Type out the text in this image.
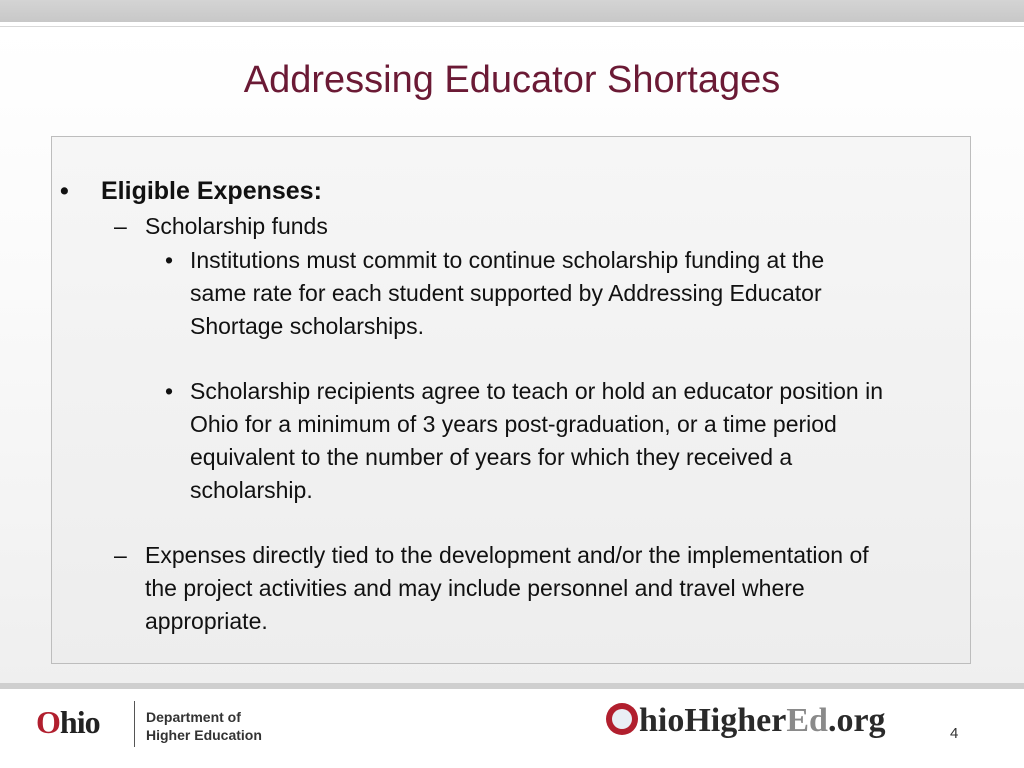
Addressing Educator Shortages
• Eligible Expenses:
– Scholarship funds
• Institutions must commit to continue scholarship funding at the
same rate for each student supported by Addressing Educator
Shortage scholarships.
• Scholarship recipients agree to teach or hold an educator position in
Ohio for a minimum of 3 years post-graduation, or a time period
equivalent to the number of years for which they received a
scholarship.
– Expenses directly tied to the development and/or the implementation of
the project activities and may include personnel and travel where
appropriate.
Ohio	Department of
Higher Education	hioHigherEd.org	4
